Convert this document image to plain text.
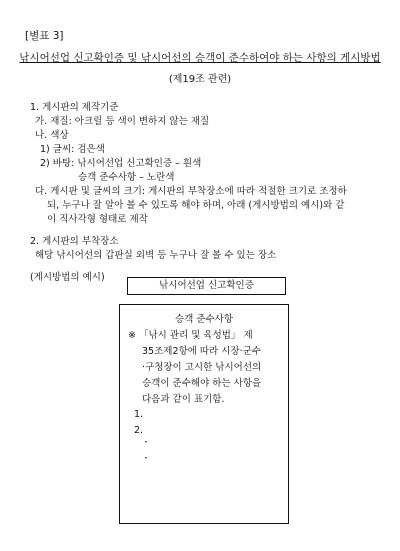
[별표 3]
낚시어선업 신고확인증 및 낚시어선의 승객이 준수하여야 하는 사항의 게시방법
(제19조 관련)
1. 게시판의 제작기준
가. 재질: 아크릴 등 색이 변하지 않는 재질
나. 색상
1) 글씨: 검은색
2) 바탕: 낚시어선업 신고확인증 – 흰색
승객 준수사항 – 노란색
다. 게시판 및 글씨의 크기: 게시판의 부착장소에 따라 적절한 크기로 조정하
되, 누구나 잘 알아 볼 수 있도록 해야 하며, 아래 (게시방법의 예시)와 같
이 직사각형 형태로 제작
2. 게시판의 부착장소
해당 낚시어선의 갑판실 외벽 등 누구나 잘 볼 수 있는 장소
(게시방법의 예시)
낚시어선업 신고확인증
승객 준수사항
※ 「낚시 관리 및 육성법」 제
35조제2항에 따라 시장·군수
·구청장이 고시한 낚시어선의
승객이 준수해야 하는 사항을
다음과 같이 표기함.
1.
2.
·
·
